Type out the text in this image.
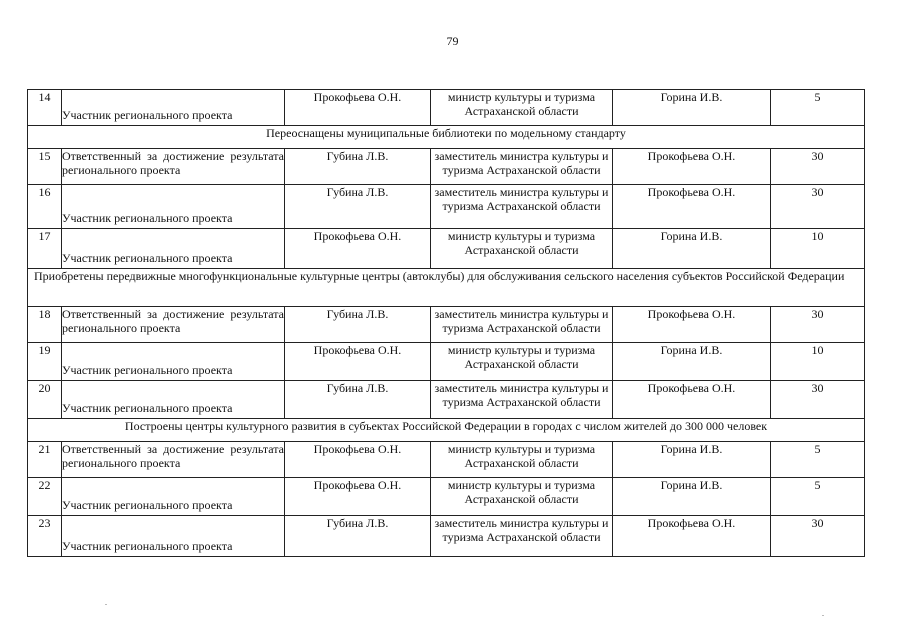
79
14	Участник регионального проекта	Прокофьева О.Н.	министр культуры и туризма Астраханской области	Горина И.В.	5
Переоснащены муниципальные библиотеки по модельному стандарту					
15	Ответственный за достижение результата регионального проекта	Губина Л.В.	заместитель министра культуры и туризма Астраханской области	Прокофьева О.Н.	30
16	Участник регионального проекта	Губина Л.В.	заместитель министра культуры и туризма Астраханской области	Прокофьева О.Н.	30
17	Участник регионального проекта	Прокофьева О.Н.	министр культуры и туризма Астраханской области	Горина И.В.	10
Приобретены передвижные многофункциональные культурные центры (автоклубы) для обслуживания сельского населения субъектов Российской Федерации					
18	Ответственный за достижение результата регионального проекта	Губина Л.В.	заместитель министра культуры и туризма Астраханской области	Прокофьева О.Н.	30
19	Участник регионального проекта	Прокофьева О.Н.	министр культуры и туризма Астраханской области	Горина И.В.	10
20	Участник регионального проекта	Губина Л.В.	заместитель министра культуры и туризма Астраханской области	Прокофьева О.Н.	30
Построены центры культурного развития в субъектах Российской Федерации в городах с числом жителей до 300 000 человек					
21	Ответственный за достижение результата регионального проекта	Прокофьева О.Н.	министр культуры и туризма Астраханской области	Горина И.В.	5
22	Участник регионального проекта	Прокофьева О.Н.	министр культуры и туризма Астраханской области	Горина И.В.	5
23	Участник регионального проекта	Губина Л.В.	заместитель министра культуры и туризма Астраханской области	Прокофьева О.Н.	30
